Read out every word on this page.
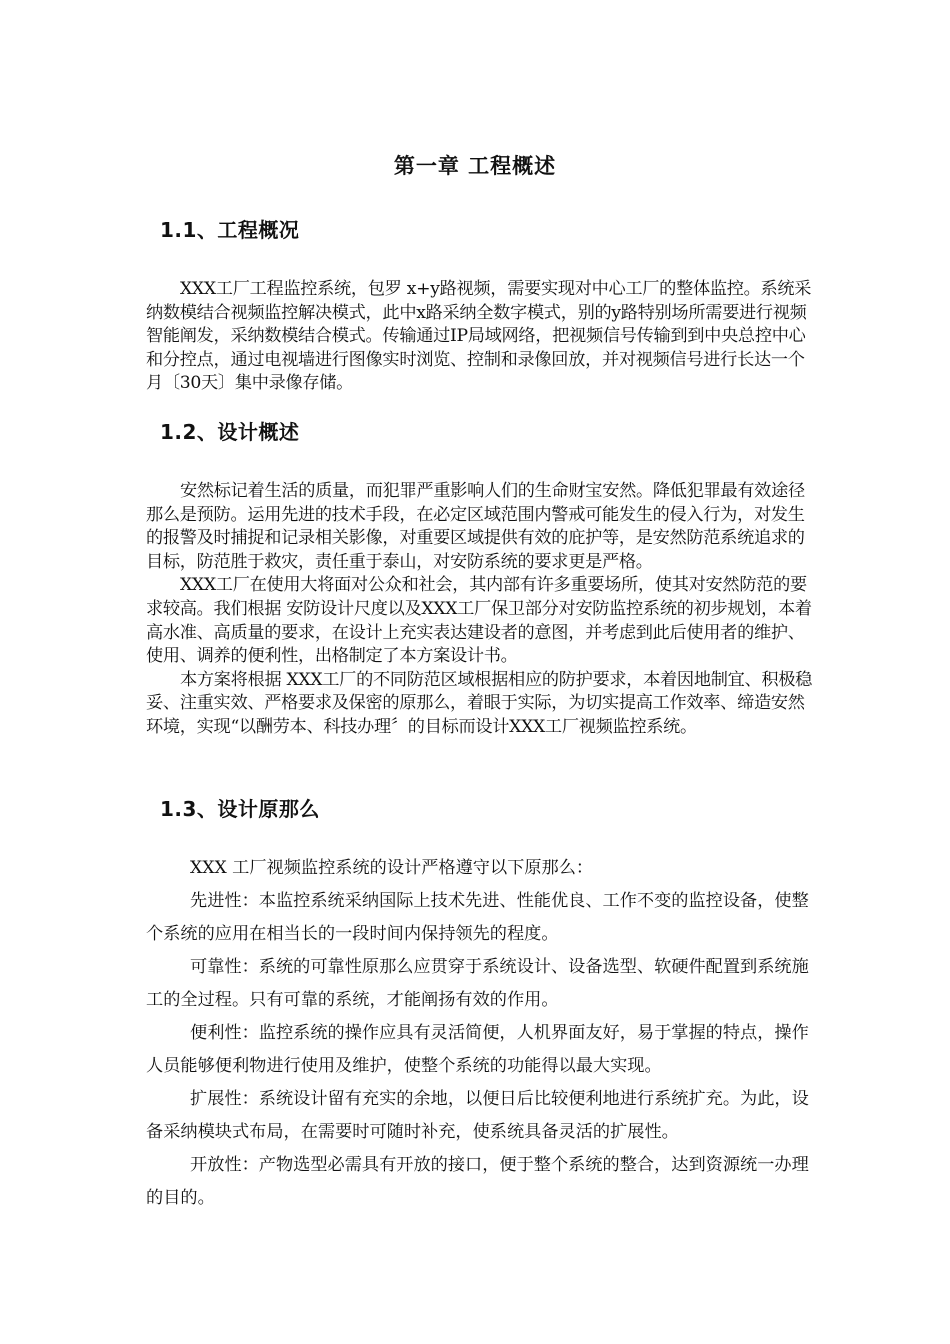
第一章 工程概述
1.1、工程概况

XXX工厂工程监控系统，包罗 x+y路视频，需要实现对中心工厂的整体监控。系统采纳数模结合视频监控解决模式，此中x路采纳全数字模式，别的y路特别场所需要进行视频智能阐发，采纳数模结合模式。传输通过IP局域网络，把视频信号传输到到中央总控中心和分控点，通过电视墙进行图像实时浏览、控制和录像回放，并对视频信号进行长达一个月〔30天〕集中录像存储。

1.2、设计概述

安然标记着生活的质量，而犯罪严重影响人们的生命财宝安然。降低犯罪最有效途径那么是预防。运用先进的技术手段，在必定区域范围内警戒可能发生的侵入行为，对发生的报警及时捕捉和记录相关影像，对重要区域提供有效的庇护等，是安然防范系统追求的目标，防范胜于救灾，责任重于泰山，对安防系统的要求更是严格。

XXX工厂在使用大将面对公众和社会，其内部有许多重要场所，使其对安然防范的要求较高。我们根据 安防设计尺度以及XXX工厂保卫部分对安防监控系统的初步规划，本着高水准、高质量的要求，在设计上充实表达建设者的意图，并考虑到此后使用者的维护、使用、调养的便利性，出格制定了本方案设计书。

本方案将根据 XXX工厂的不同防范区域根据相应的防护要求，本着因地制宜、积极稳妥、注重实效、严格要求及保密的原那么，着眼于实际，为切实提高工作效率、缔造安然环境，实现“以酬劳本、科技办理〞的目标而设计XXX工厂视频监控系统。

1.3、设计原那么

XXX 工厂视频监控系统的设计严格遵守以下原那么：

先进性：本监控系统采纳国际上技术先进、性能优良、工作不变的监控设备，使整个系统的应用在相当长的一段时间内保持领先的程度。

可靠性：系统的可靠性原那么应贯穿于系统设计、设备选型、软硬件配置到系统施工的全过程。只有可靠的系统，才能阐扬有效的作用。

便利性：监控系统的操作应具有灵活简便，人机界面友好，易于掌握的特点，操作人员能够便利物进行使用及维护，使整个系统的功能得以最大实现。

扩展性：系统设计留有充实的余地，以便日后比较便利地进行系统扩充。为此，设备采纳模块式布局，在需要时可随时补充，使系统具备灵活的扩展性。

开放性：产物选型必需具有开放的接口，便于整个系统的整合，达到资源统一办理的目的。
